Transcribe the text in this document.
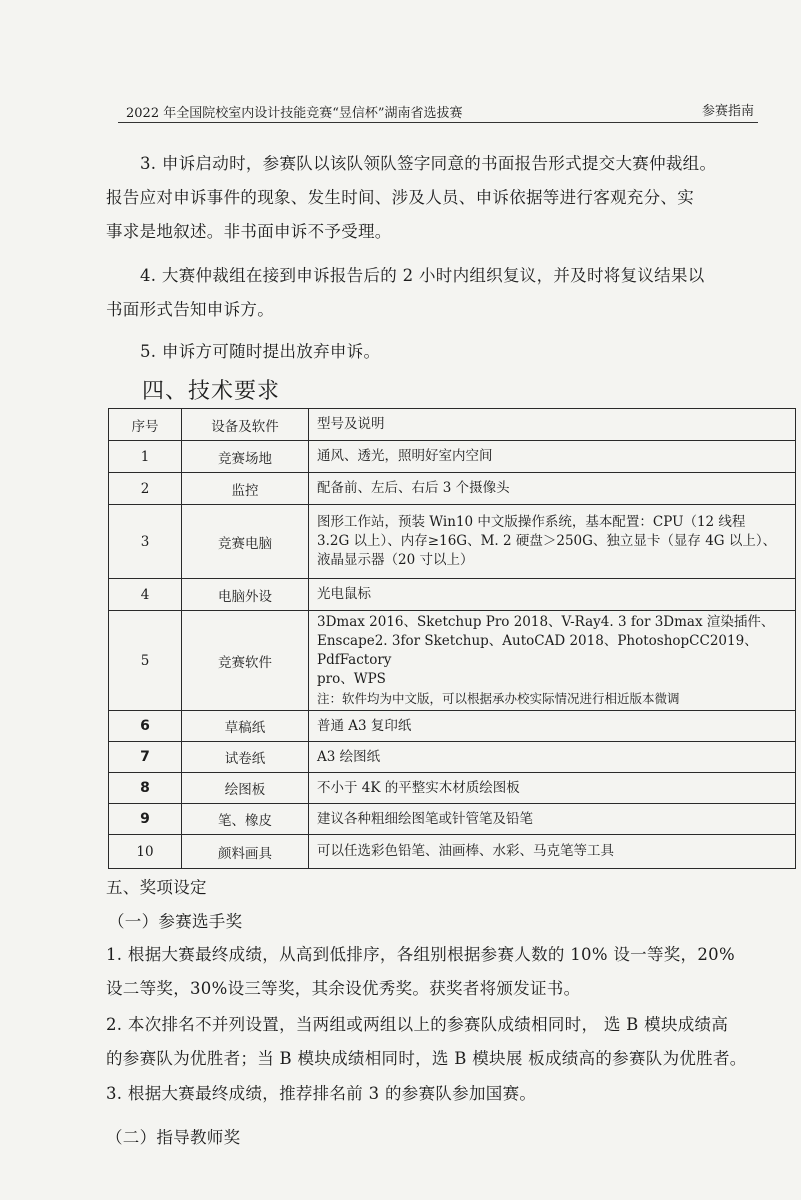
2022 年全国院校室内设计技能竞赛“昱信杯”湖南省选拔赛	参赛指南
3. 申诉启动时，参赛队以该队领队签字同意的书面报告形式提交大赛仲裁组。
报告应对申诉事件的现象、发生时间、涉及人员、申诉依据等进行客观充分、实
事求是地叙述。非书面申诉不予受理。
4. 大赛仲裁组在接到申诉报告后的 2 小时内组织复议，并及时将复议结果以
书面形式告知申诉方。
5. 申诉方可随时提出放弃申诉。
四、技术要求
序号	设备及软件	型号及说明
1	竞赛场地	通风、透光，照明好室内空间
2	监控	配备前、左后、右后 3 个摄像头
3	竞赛电脑	图形工作站，预装 Win10 中文版操作系统，基本配置：CPU（12 线程
3.2G 以上）、内存≥16G、M. 2 硬盘＞250G、独立显卡（显存 4G 以上）、
液晶显示器（20 寸以上）

4	电脑外设	光电鼠标
5	竞赛软件	3Dmax 2016、Sketchup Pro 2018、V-Ray4. 3 for 3Dmax 渲染插件、
Enscape2. 3for Sketchup、AutoCAD 2018、PhotoshopCC2019、PdfFactory
pro、WPS
注：软件均为中文版，可以根据承办校实际情况进行相近版本微调

6	草稿纸	普通 A3 复印纸
7	试卷纸	A3 绘图纸
8	绘图板	不小于 4K 的平整实木材质绘图板
9	笔、橡皮	建议各种粗细绘图笔或针管笔及铅笔
10	颜料画具	可以任选彩色铅笔、油画棒、水彩、马克笔等工具
五、奖项设定
（一）参赛选手奖
1. 根据大赛最终成绩，从高到低排序，各组别根据参赛人数的 10% 设一等奖，20%
设二等奖，30%设三等奖，其余设优秀奖。获奖者将颁发证书。
2. 本次排名不并列设置，当两组或两组以上的参赛队成绩相同时， 选 B 模块成绩高
的参赛队为优胜者；当 B 模块成绩相同时，选 B 模块展 板成绩高的参赛队为优胜者。
3. 根据大赛最终成绩，推荐排名前 3 的参赛队参加国赛。
（二）指导教师奖
